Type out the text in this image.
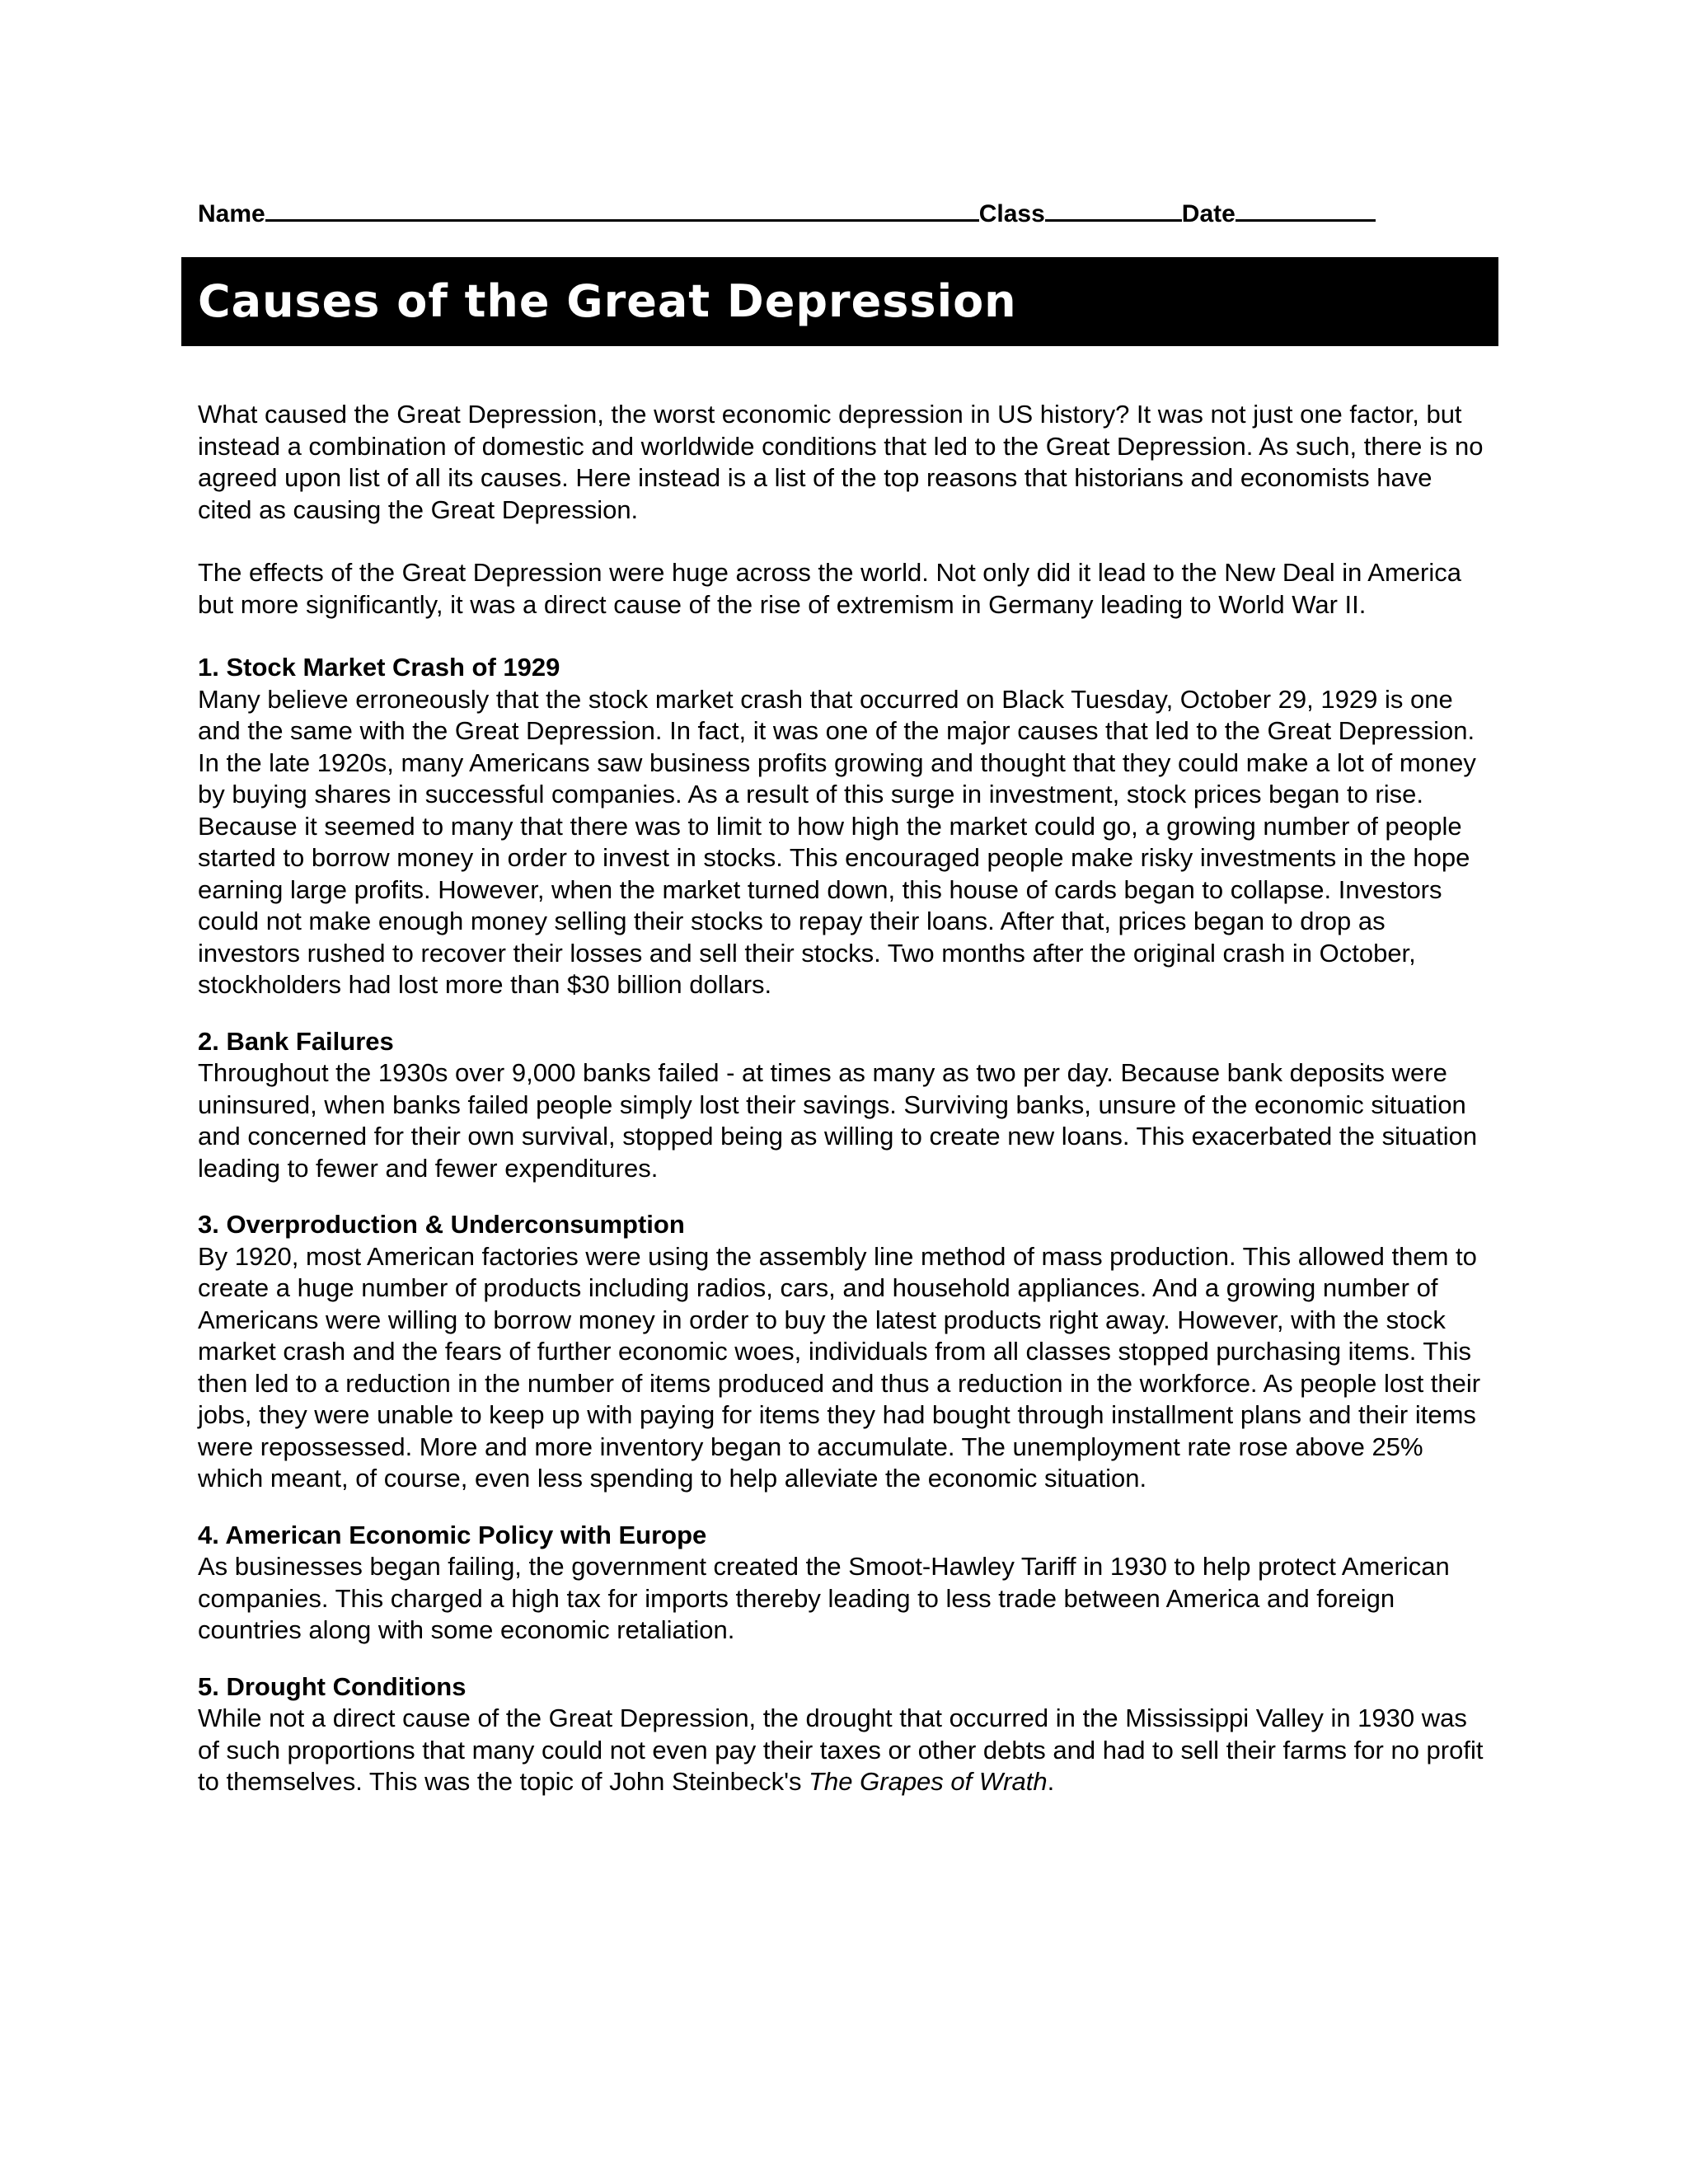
Name	Class	Date
Causes of the Great Depression

What caused the Great Depression, the worst economic depression in US history? It was not just one factor, but instead a combination of domestic and worldwide conditions that led to the Great Depression. As such, there is no agreed upon list of all its causes. Here instead is a list of the top reasons that historians and economists have cited as causing the Great Depression.

The effects of the Great Depression were huge across the world. Not only did it lead to the New Deal in America but more significantly, it was a direct cause of the rise of extremism in Germany leading to World War II.

1. Stock Market Crash of 1929

Many believe erroneously that the stock market crash that occurred on Black Tuesday, October 29, 1929 is one and the same with the Great Depression. In fact, it was one of the major causes that led to the Great Depression. In the late 1920s, many Americans saw business profits growing and thought that they could make a lot of money by buying shares in successful companies. As a result of this surge in investment, stock prices began to rise. Because it seemed to many that there was to limit to how high the market could go, a growing number of people started to borrow money in order to invest in stocks. This encouraged people make risky investments in the hope earning large profits. However, when the market turned down, this house of cards began to collapse. Investors could not make enough money selling their stocks to repay their loans. After that, prices began to drop as investors rushed to recover their losses and sell their stocks. Two months after the original crash in October, stockholders had lost more than $30 billion dollars.

2. Bank Failures

Throughout the 1930s over 9,000 banks failed - at times as many as two per day. Because bank deposits were uninsured, when banks failed people simply lost their savings. Surviving banks, unsure of the economic situation and concerned for their own survival, stopped being as willing to create new loans. This exacerbated the situation leading to fewer and fewer expenditures.

3. Overproduction & Underconsumption

By 1920, most American factories were using the assembly line method of mass production. This allowed them to create a huge number of products including radios, cars, and household appliances. And a growing number of Americans were willing to borrow money in order to buy the latest products right away. However, with the stock market crash and the fears of further economic woes, individuals from all classes stopped purchasing items. This then led to a reduction in the number of items produced and thus a reduction in the workforce. As people lost their jobs, they were unable to keep up with paying for items they had bought through installment plans and their items were repossessed. More and more inventory began to accumulate. The unemployment rate rose above 25% which meant, of course, even less spending to help alleviate the economic situation.

4. American Economic Policy with Europe

As businesses began failing, the government created the Smoot-Hawley Tariff in 1930 to help protect American companies. This charged a high tax for imports thereby leading to less trade between America and foreign countries along with some economic retaliation.

5. Drought Conditions

While not a direct cause of the Great Depression, the drought that occurred in the Mississippi Valley in 1930 was of such proportions that many could not even pay their taxes or other debts and had to sell their farms for no profit to themselves. This was the topic of John Steinbeck's The Grapes of Wrath.
